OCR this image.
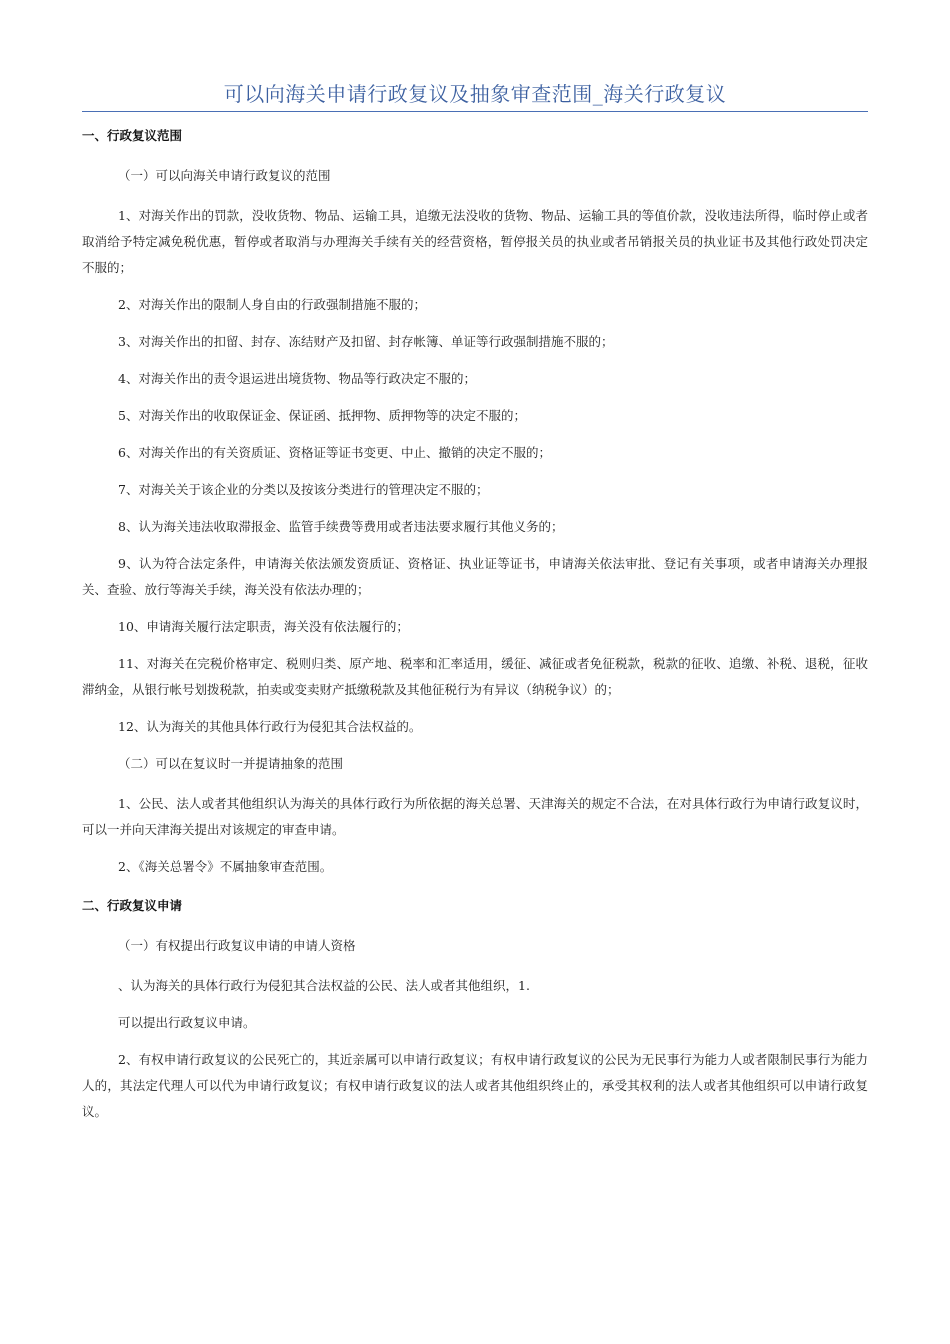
可以向海关申请行政复议及抽象审查范围_海关行政复议
一、行政复议范围
（一）可以向海关申请行政复议的范围

1、对海关作出的罚款，没收货物、物品、运输工具，追缴无法没收的货物、物品、运输工具的等值价款，没收违法所得，临时停止或者取消给予特定减免税优惠，暂停或者取消与办理海关手续有关的经营资格，暂停报关员的执业或者吊销报关员的执业证书及其他行政处罚决定不服的；

2、对海关作出的限制人身自由的行政强制措施不服的；

3、对海关作出的扣留、封存、冻结财产及扣留、封存帐簿、单证等行政强制措施不服的；

4、对海关作出的责令退运进出境货物、物品等行政决定不服的；

5、对海关作出的收取保证金、保证函、抵押物、质押物等的决定不服的；

6、对海关作出的有关资质证、资格证等证书变更、中止、撤销的决定不服的；

7、对海关关于该企业的分类以及按该分类进行的管理决定不服的；

8、认为海关违法收取滞报金、监管手续费等费用或者违法要求履行其他义务的；

9、认为符合法定条件，申请海关依法颁发资质证、资格证、执业证等证书，申请海关依法审批、登记有关事项，或者申请海关办理报关、查验、放行等海关手续，海关没有依法办理的；

10、申请海关履行法定职责，海关没有依法履行的；

11、对海关在完税价格审定、税则归类、原产地、税率和汇率适用，缓征、减征或者免征税款，税款的征收、追缴、补税、退税，征收滞纳金，从银行帐号划拨税款，拍卖或变卖财产抵缴税款及其他征税行为有异议（纳税争议）的；

12、认为海关的其他具体行政行为侵犯其合法权益的。

（二）可以在复议时一并提请抽象的范围

1、公民、法人或者其他组织认为海关的具体行政行为所依据的海关总署、天津海关的规定不合法，在对具体行政行为申请行政复议时，可以一并向天津海关提出对该规定的审查申请。

2、《海关总署令》不属抽象审查范围。

二、行政复议申请
（一）有权提出行政复议申请的申请人资格

、认为海关的具体行政行为侵犯其合法权益的公民、法人或者其他组织，1.

可以提出行政复议申请。

2、有权申请行政复议的公民死亡的，其近亲属可以申请行政复议；有权申请行政复议的公民为无民事行为能力人或者限制民事行为能力人的，其法定代理人可以代为申请行政复议；有权申请行政复议的法人或者其他组织终止的，承受其权利的法人或者其他组织可以申请行政复议。
